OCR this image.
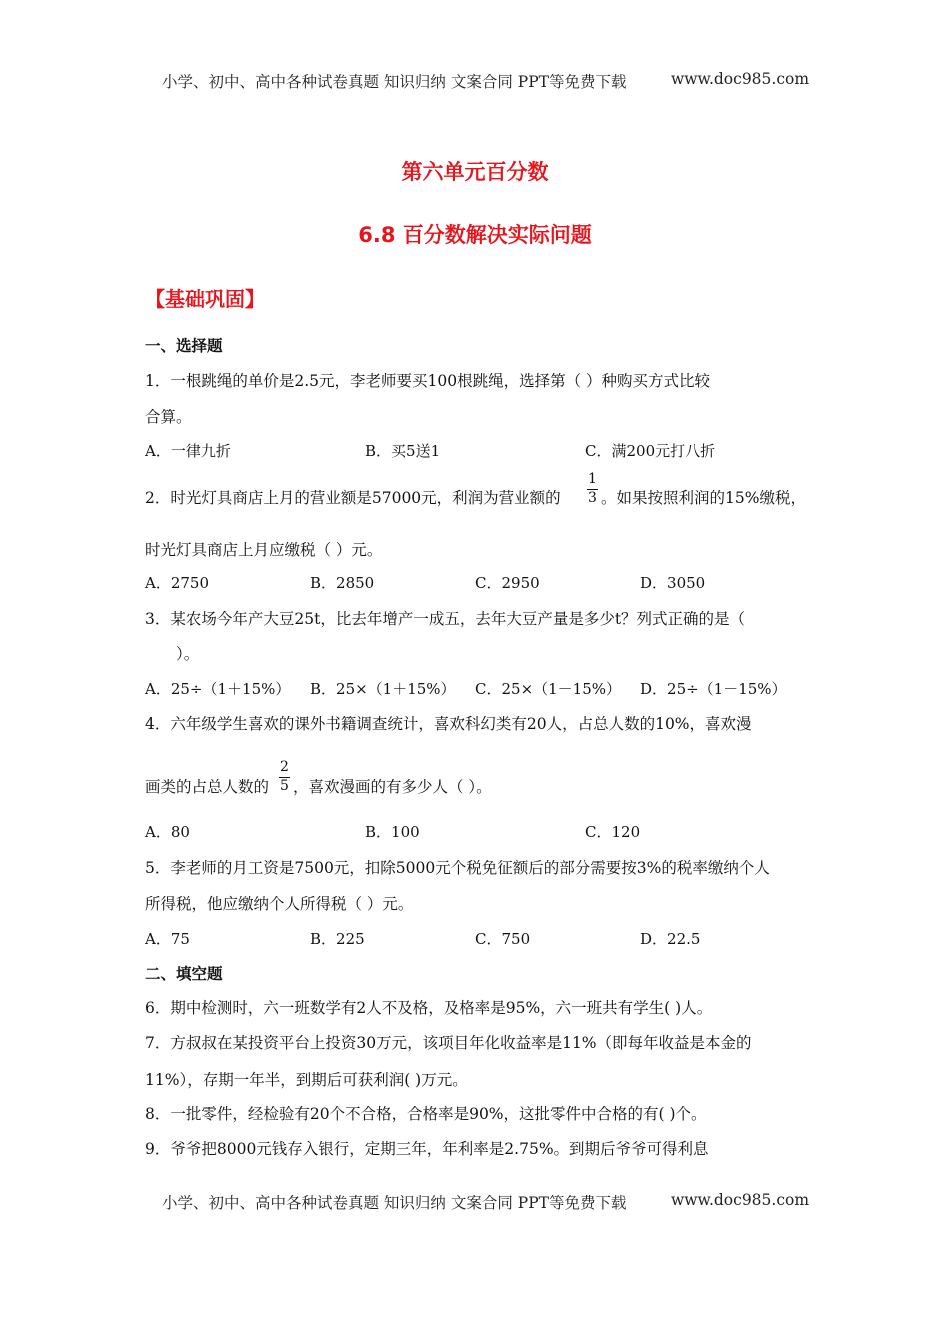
小学、初中、高中各种试卷真题 知识归纳 文案合同 PPT等免费下载	www.doc985.com
第六单元百分数
6.8 百分数解决实际问题
【基础巩固】
一、选择题
1．一根跳绳的单价是2.5元，李老师要买100根跳绳，选择第（ ）种购买方式比较
合算。
A．一律九折	B．买5送1	C．满200元打八折
2．时光灯具商店上月的营业额是57000元，利润为营业额的
1
3 。如果按照利润的15%缴税，
时光灯具商店上月应缴税（ ）元。
A．2750	B．2850	C．2950	D．3050
3．某农场今年产大豆25t，比去年增产一成五，去年大豆产量是多少t？列式正确的是（
）。
A．25÷（1＋15%） B．25×（1＋15%） C．25×（1－15%） D．25÷（1－15%）
4．六年级学生喜欢的课外书籍调查统计，喜欢科幻类有20人，占总人数的10%，喜欢漫
画类的占总人数的
2
5 ，喜欢漫画的有多少人（ ）。
A．80	B．100	C．120
5．李老师的月工资是7500元，扣除5000元个税免征额后的部分需要按3%的税率缴纳个人
所得税，他应缴纳个人所得税（ ）元。
A．75	B．225	C．750	D．22.5
二、填空题
6．期中检测时，六一班数学有2人不及格，及格率是95%，六一班共有学生( )人。
7．方叔叔在某投资平台上投资30万元，该项目年化收益率是11%（即每年收益是本金的
11%），存期一年半，到期后可获利润( )万元。
8．一批零件，经检验有20个不合格，合格率是90%，这批零件中合格的有( )个。
9．爷爷把8000元钱存入银行，定期三年，年利率是2.75%。到期后爷爷可得利息
小学、初中、高中各种试卷真题 知识归纳 文案合同 PPT等免费下载	www.doc985.com
